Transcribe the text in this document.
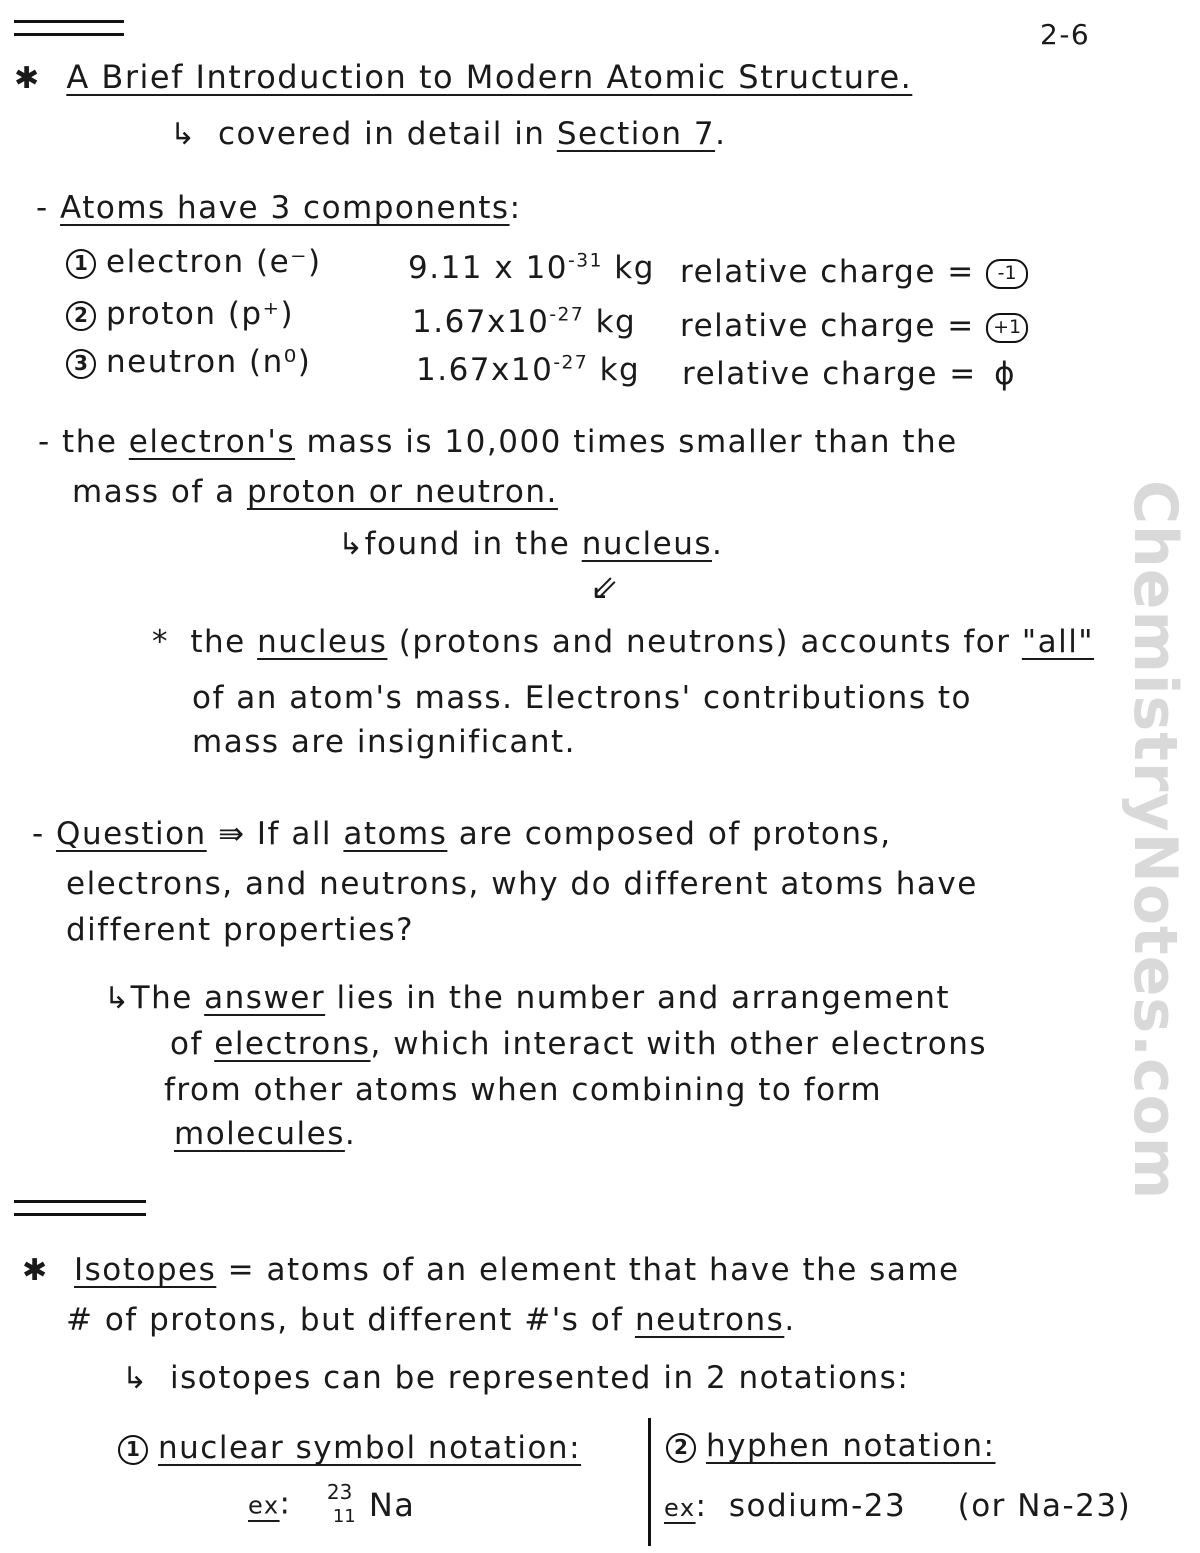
2-6
ChemistryNotes.com
✱ A Brief Introduction to Modern Atomic Structure.
↳ covered in detail in Section 7.
- Atoms have 3 components:
1 electron (e⁻)	9.11 x $10^{-31}$ kg relative charge = -1
2 proton (p⁺)	$1.67x10^{-27}$ kg relative charge = +1
3 neutron (n⁰)	$1.67x10^{-27}$ kg relative charge = ϕ
- the electron's mass is 10,000 times smaller than the
mass of a proton or neutron.
↳found in the nucleus.
⇙
* the nucleus (protons and neutrons) accounts for "all"
of an atom's mass. Electrons' contributions to
mass are insignificant.
- Question ⇛ If all atoms are composed of protons,
electrons, and neutrons, why do different atoms have
different properties?
↳The answer lies in the number and arrangement
of electrons, which interact with other electrons
from other atoms when combining to form
molecules.
✱ Isotopes = atoms of an element that have the same
# of protons, but different #'s of neutrons.
↳ isotopes can be represented in 2 notations:
1 nuclear symbol notation:	2 hyphen notation:
ex: 23
11 Na	ex: sodium-23 (or Na-23)
